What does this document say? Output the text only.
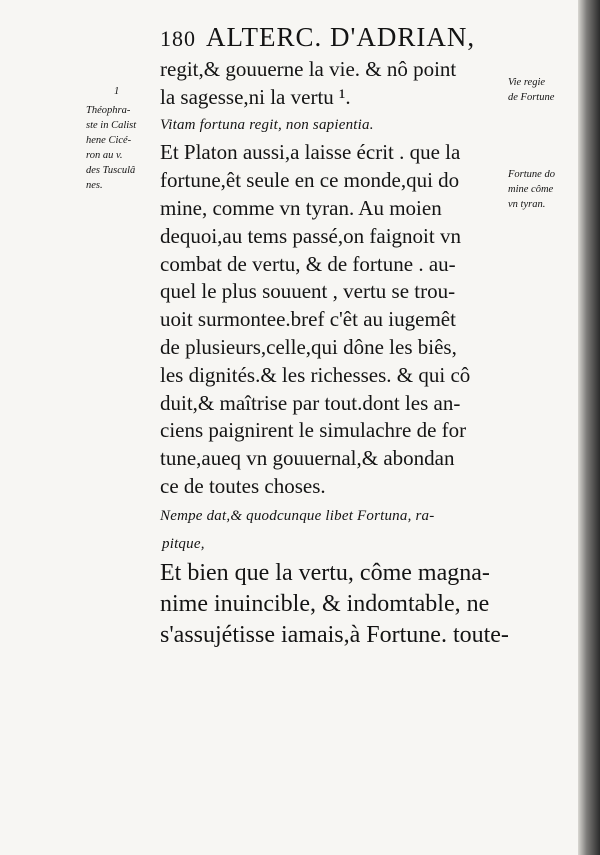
180 ALTERC. D'ADRIAN,
1
Théophra-
ste in Calist
hene Cicé-
ron au v.
des Tusculâ
nes.
Vie regie
de Fortune
Fortune do
mine côme
vn tyran.
regit,& gouuerne la vie. & nô point
la sagesse,ni la vertu ¹.
Vitam fortuna regit, non sapientia.
Et Platon aussi,a laisse écrit . que la
fortune,êt seule en ce monde,qui do
mine, comme vn tyran. Au moien
dequoi,au tems passé,on faignoit vn
combat de vertu, & de fortune . au-
quel le plus souuent , vertu se trou-
uoit surmontee.bref c'êt au iugemêt
de plusieurs,celle,qui dône les biês,
les dignités.& les richesses. & qui cô
duit,& maîtrise par tout.dont les an-
ciens paignirent le simulachre de for
tune,aueq vn gouuernal,& abondan
ce de toutes choses.
Nempe dat,& quodcunque libet Fortuna, ra-
pitque,
Et bien que la vertu, côme magna-
nime inuincible, & indomtable, ne
s'assujétisse iamais,à Fortune. toute-
